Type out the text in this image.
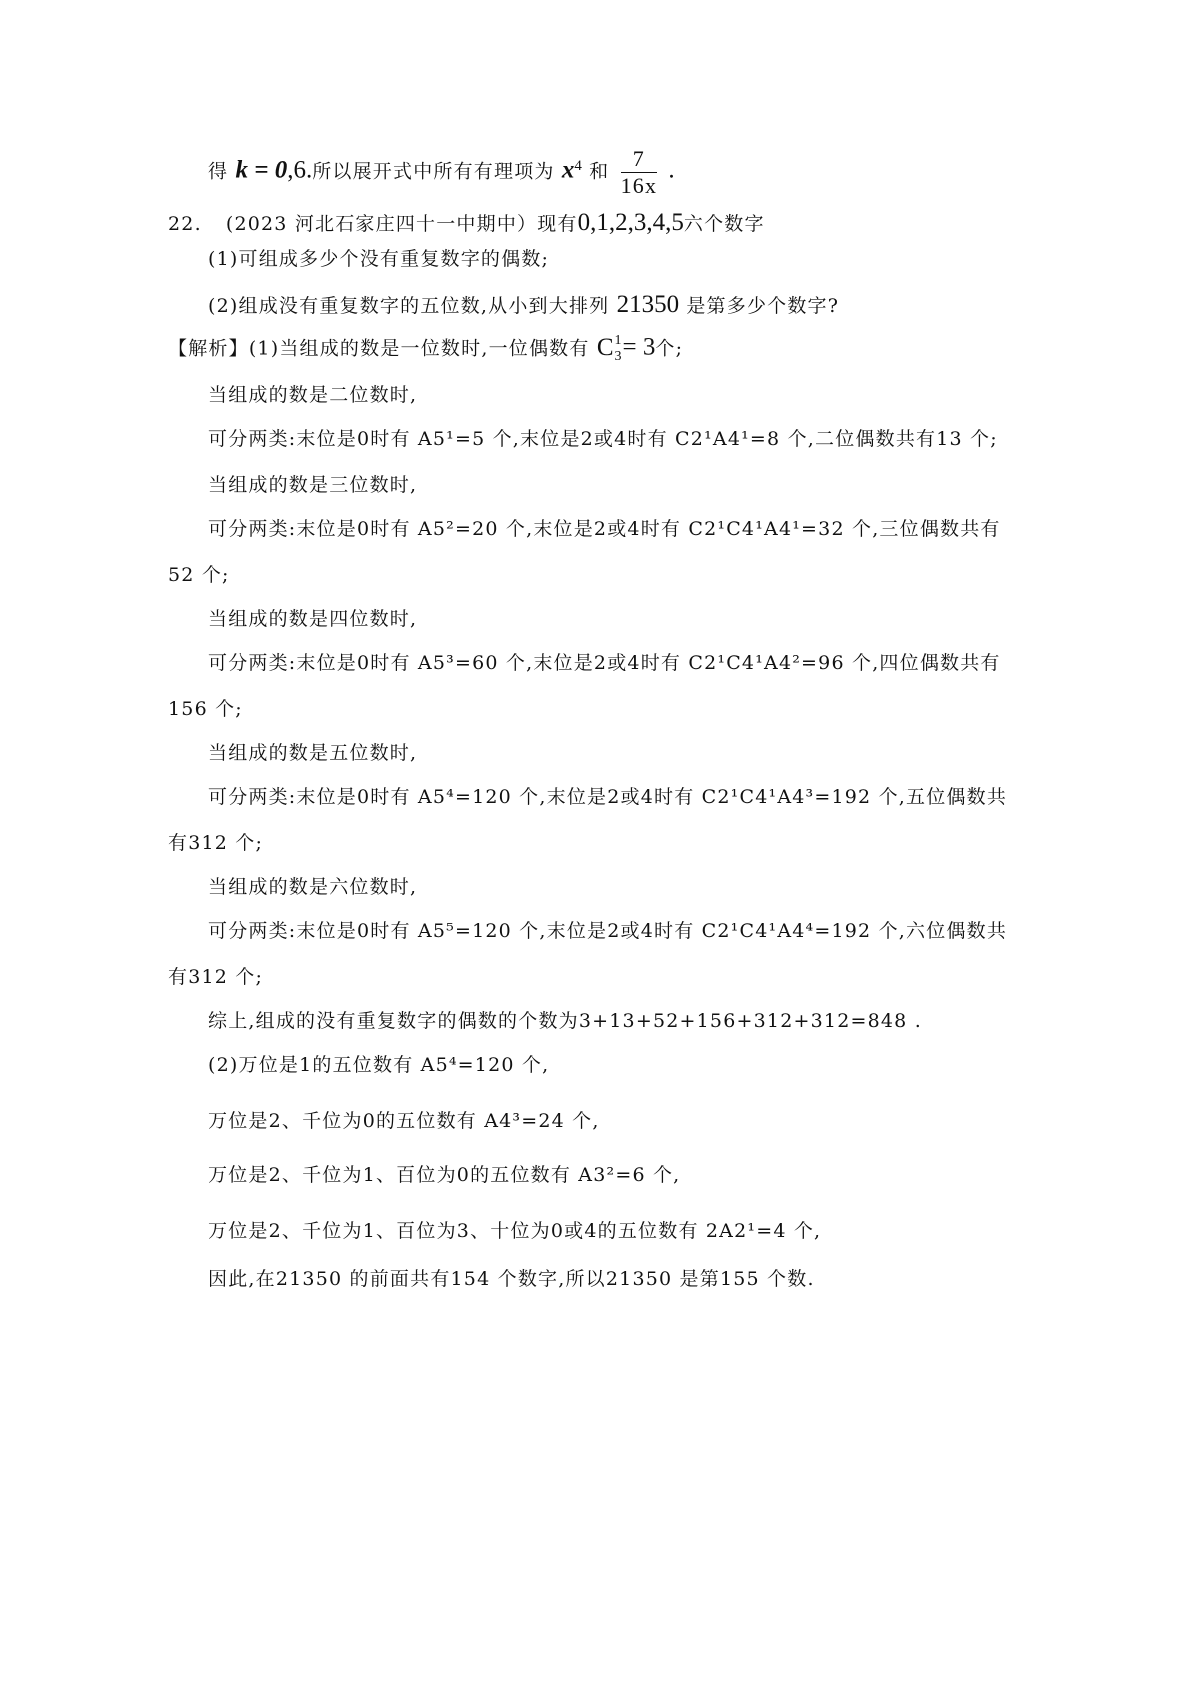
得 k = 0,6.所以展开式中所有有理项为 $x^4$ 和 $\frac{7}{16x}$ .
22. (2023 河北石家庄四十一中期中）现有0,1,2,3,4,5六个数字
(1)可组成多少个没有重复数字的偶数;
(2)组成没有重复数字的五位数,从小到大排列 21350 是第多少个数字?
【解析】(1)当组成的数是一位数时,一位偶数有 C 1
3 = 3个;
当组成的数是二位数时,
可分两类:末位是0时有 A5¹=5 个,末位是2或4时有 C2¹A4¹=8 个,二位偶数共有13 个;
当组成的数是三位数时,
可分两类:末位是0时有 A5²=20 个,末位是2或4时有 C2¹C4¹A4¹=32 个,三位偶数共有
52 个;
当组成的数是四位数时,
可分两类:末位是0时有 A5³=60 个,末位是2或4时有 C2¹C4¹A4²=96 个,四位偶数共有
156 个;
当组成的数是五位数时,
可分两类:末位是0时有 A5⁴=120 个,末位是2或4时有 C2¹C4¹A4³=192 个,五位偶数共
有312 个;
当组成的数是六位数时,
可分两类:末位是0时有 A5⁵=120 个,末位是2或4时有 C2¹C4¹A4⁴=192 个,六位偶数共
有312 个;
综上,组成的没有重复数字的偶数的个数为3+13+52+156+312+312=848 .
(2)万位是1的五位数有 A5⁴=120 个,
万位是2、千位为0的五位数有 A4³=24 个,
万位是2、千位为1、百位为0的五位数有 A3²=6 个,
万位是2、千位为1、百位为3、十位为0或4的五位数有 2A2¹=4 个,
因此,在21350 的前面共有154 个数字,所以21350 是第155 个数.
